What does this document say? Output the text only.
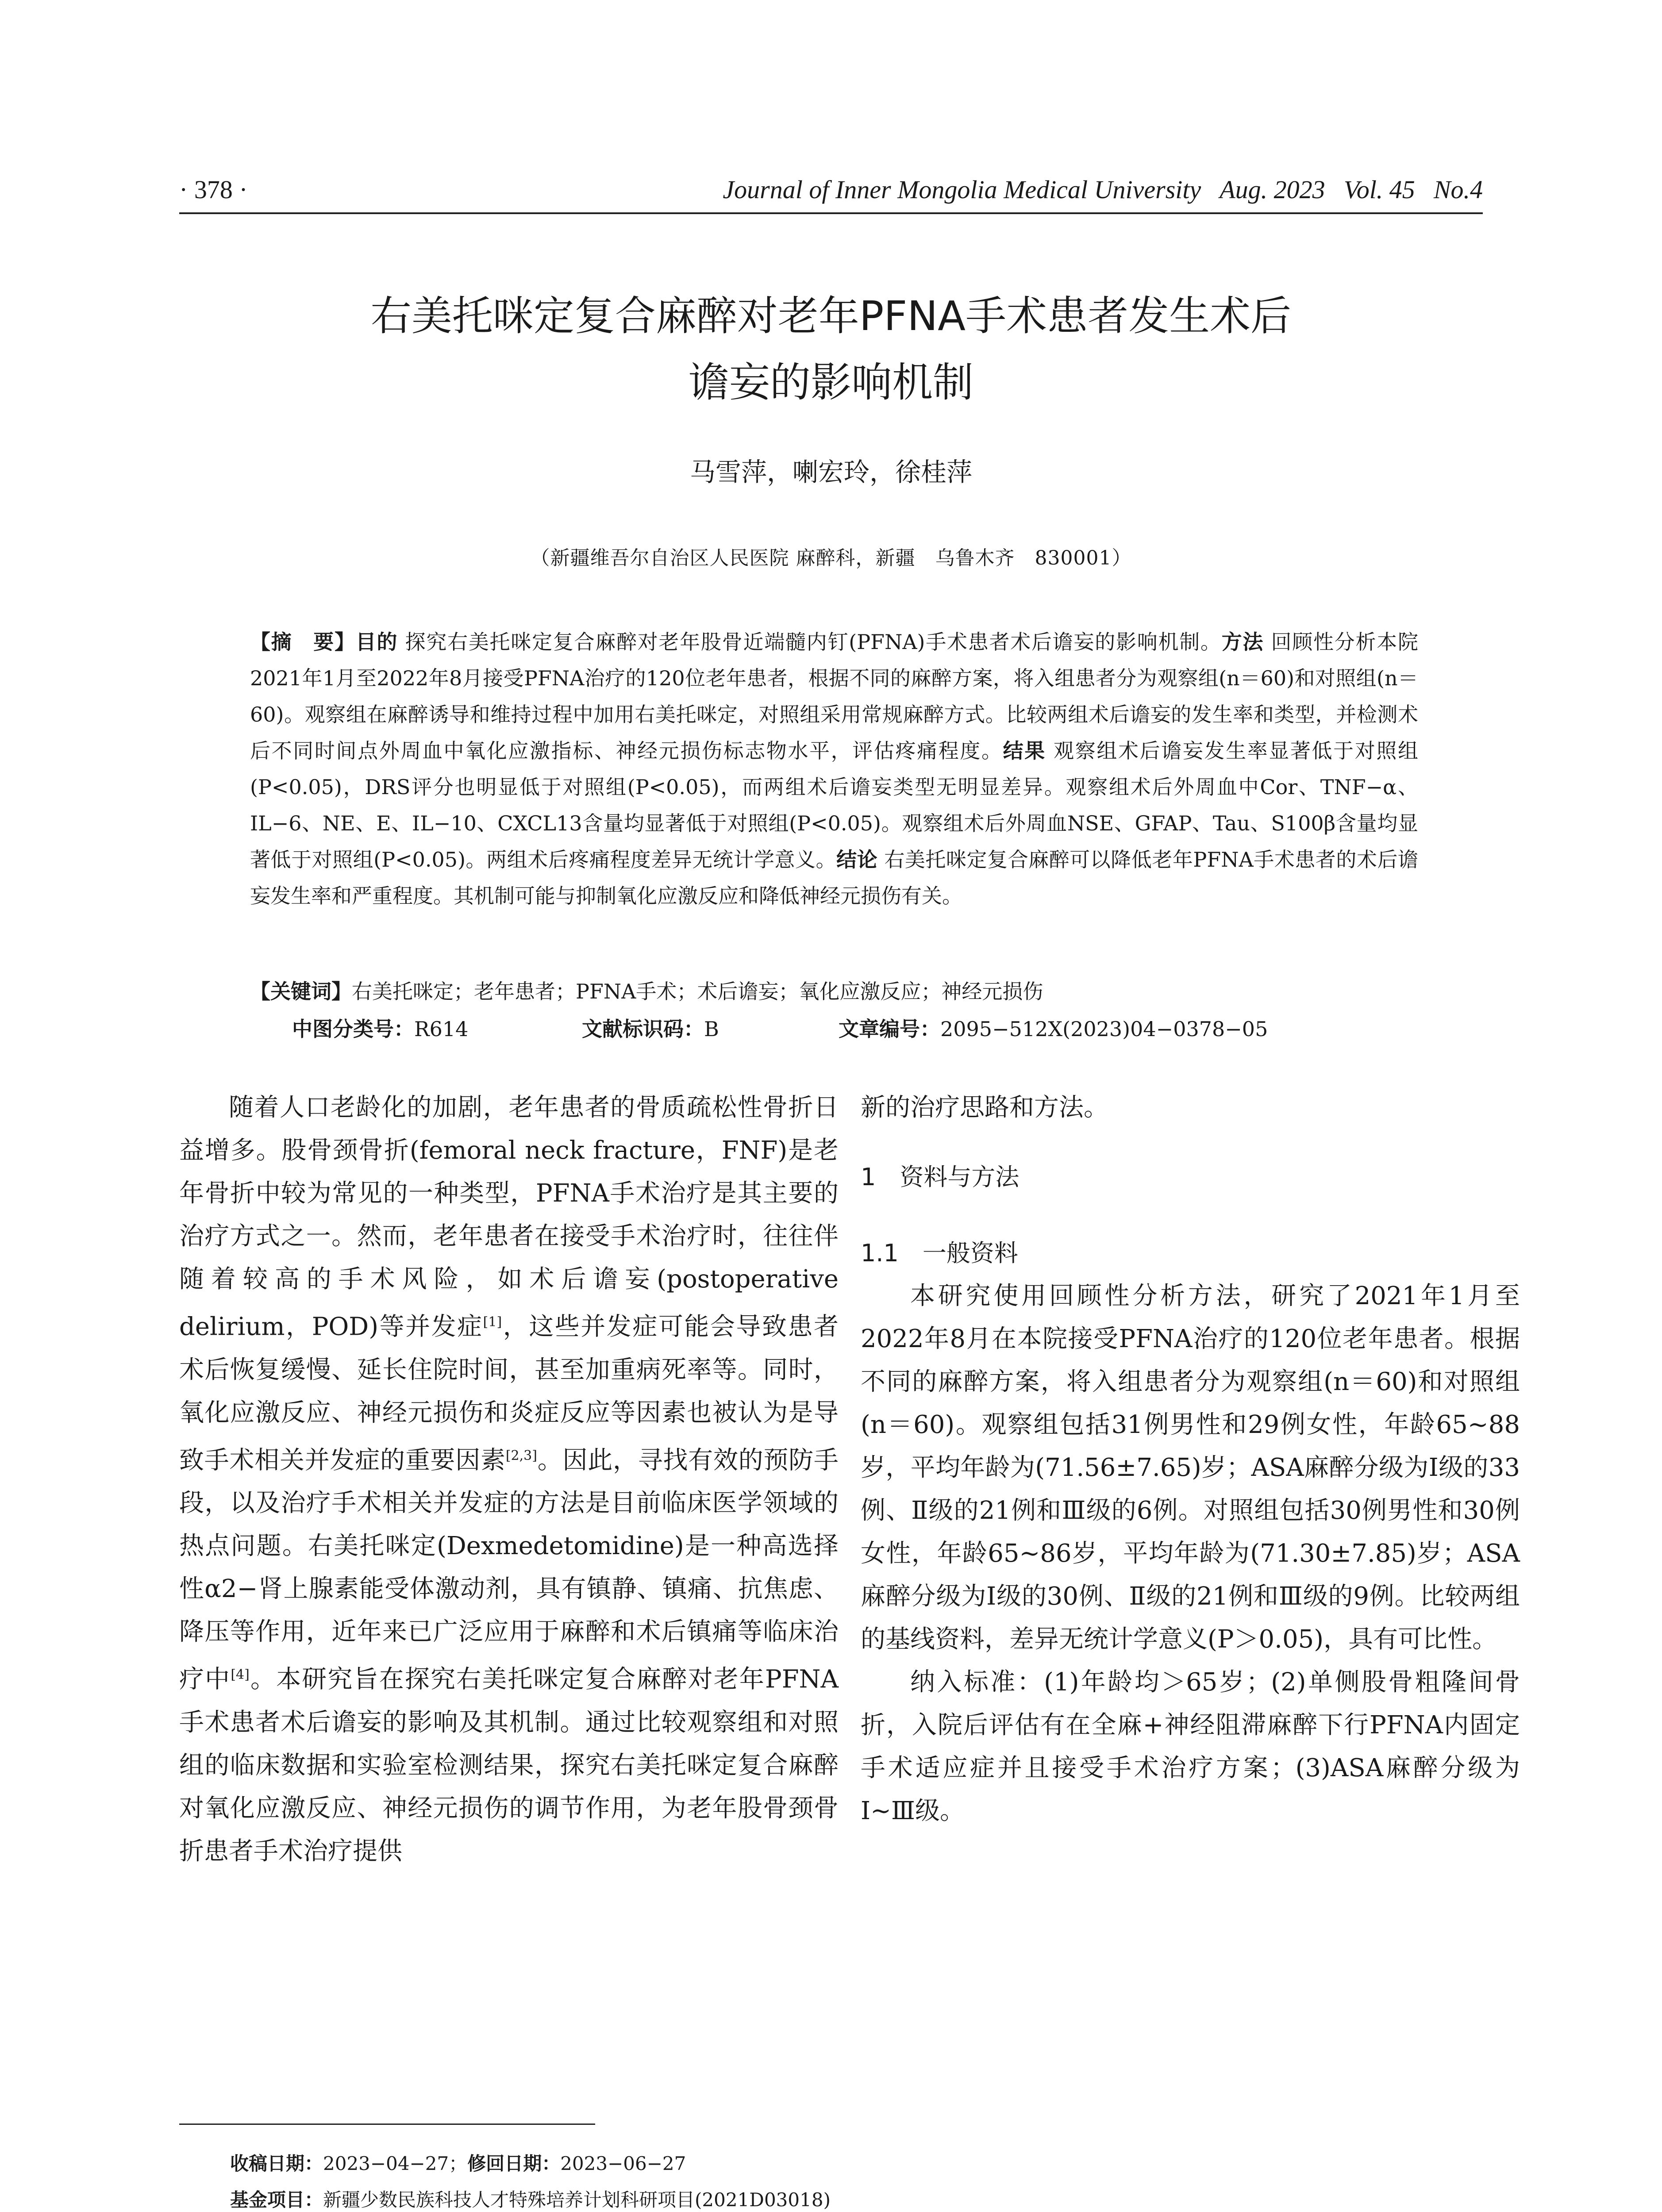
· 378 ·	Journal of Inner Mongolia Medical University Aug. 2023 Vol. 45 No.4
右美托咪定复合麻醉对老年PFNA手术患者发生术后
谵妄的影响机制
马雪萍，喇宏玲，徐桂萍
（新疆维吾尔自治区人民医院 麻醉科，新疆　乌鲁木齐　830001）
【摘　要】目的 探究右美托咪定复合麻醉对老年股骨近端髓内钉(PFNA)手术患者术后谵妄的影响机制。方法 回顾性分析本院2021年1月至2022年8月接受PFNA治疗的120位老年患者，根据不同的麻醉方案，将入组患者分为观察组(n＝60)和对照组(n＝60)。观察组在麻醉诱导和维持过程中加用右美托咪定，对照组采用常规麻醉方式。比较两组术后谵妄的发生率和类型，并检测术后不同时间点外周血中氧化应激指标、神经元损伤标志物水平，评估疼痛程度。结果 观察组术后谵妄发生率显著低于对照组(P<0.05)，DRS评分也明显低于对照组(P<0.05)，而两组术后谵妄类型无明显差异。观察组术后外周血中Cor、TNF−α、IL−6、NE、E、IL−10、CXCL13含量均显著低于对照组(P<0.05)。观察组术后外周血NSE、GFAP、Tau、S100β含量均显著低于对照组(P<0.05)。两组术后疼痛程度差异无统计学意义。结论 右美托咪定复合麻醉可以降低老年PFNA手术患者的术后谵妄发生率和严重程度。其机制可能与抑制氧化应激反应和降低神经元损伤有关。
【关键词】右美托咪定；老年患者；PFNA手术；术后谵妄；氧化应激反应；神经元损伤
中图分类号：R614	文献标识码：B	文章编号：2095−512X(2023)04−0378−05

随着人口老龄化的加剧，老年患者的骨质疏松性骨折日益增多。股骨颈骨折(femoral neck fracture，FNF)是老年骨折中较为常见的一种类型，PFNA手术治疗是其主要的治疗方式之一。然而，老年患者在接受手术治疗时，往往伴随着较高的手术风险，如术后谵妄(postoperative delirium，POD)等并发症[1]，这些并发症可能会导致患者术后恢复缓慢、延长住院时间，甚至加重病死率等。同时，氧化应激反应、神经元损伤和炎症反应等因素也被认为是导致手术相关并发症的重要因素[2,3]。因此，寻找有效的预防手段，以及治疗手术相关并发症的方法是目前临床医学领域的热点问题。右美托咪定(Dexmedetomidine)是一种高选择性α2−肾上腺素能受体激动剂，具有镇静、镇痛、抗焦虑、降压等作用，近年来已广泛应用于麻醉和术后镇痛等临床治疗中[4]。本研究旨在探究右美托咪定复合麻醉对老年PFNA手术患者术后谵妄的影响及其机制。通过比较观察组和对照组的临床数据和实验室检测结果，探究右美托咪定复合麻醉对氧化应激反应、神经元损伤的调节作用，为老年股骨颈骨折患者手术治疗提供

新的治疗思路和方法。

1　资料与方法
1.1　一般资料

本研究使用回顾性分析方法，研究了2021年1月至2022年8月在本院接受PFNA治疗的120位老年患者。根据不同的麻醉方案，将入组患者分为观察组(n＝60)和对照组(n＝60)。观察组包括31例男性和29例女性，年龄65~88岁，平均年龄为(71.56±7.65)岁；ASA麻醉分级为Ⅰ级的33例、Ⅱ级的21例和Ⅲ级的6例。对照组包括30例男性和30例女性，年龄65~86岁，平均年龄为(71.30±7.85)岁；ASA麻醉分级为Ⅰ级的30例、Ⅱ级的21例和Ⅲ级的9例。比较两组的基线资料，差异无统计学意义(P＞0.05)，具有可比性。

纳入标准：(1)年龄均＞65岁；(2)单侧股骨粗隆间骨折，入院后评估有在全麻+神经阻滞麻醉下行PFNA内固定手术适应症并且接受手术治疗方案；(3)ASA麻醉分级为Ⅰ~Ⅲ级。

收稿日期：2023−04−27；修回日期：2023−06−27
基金项目：新疆少数民族科技人才特殊培养计划科研项目(2021D03018)
